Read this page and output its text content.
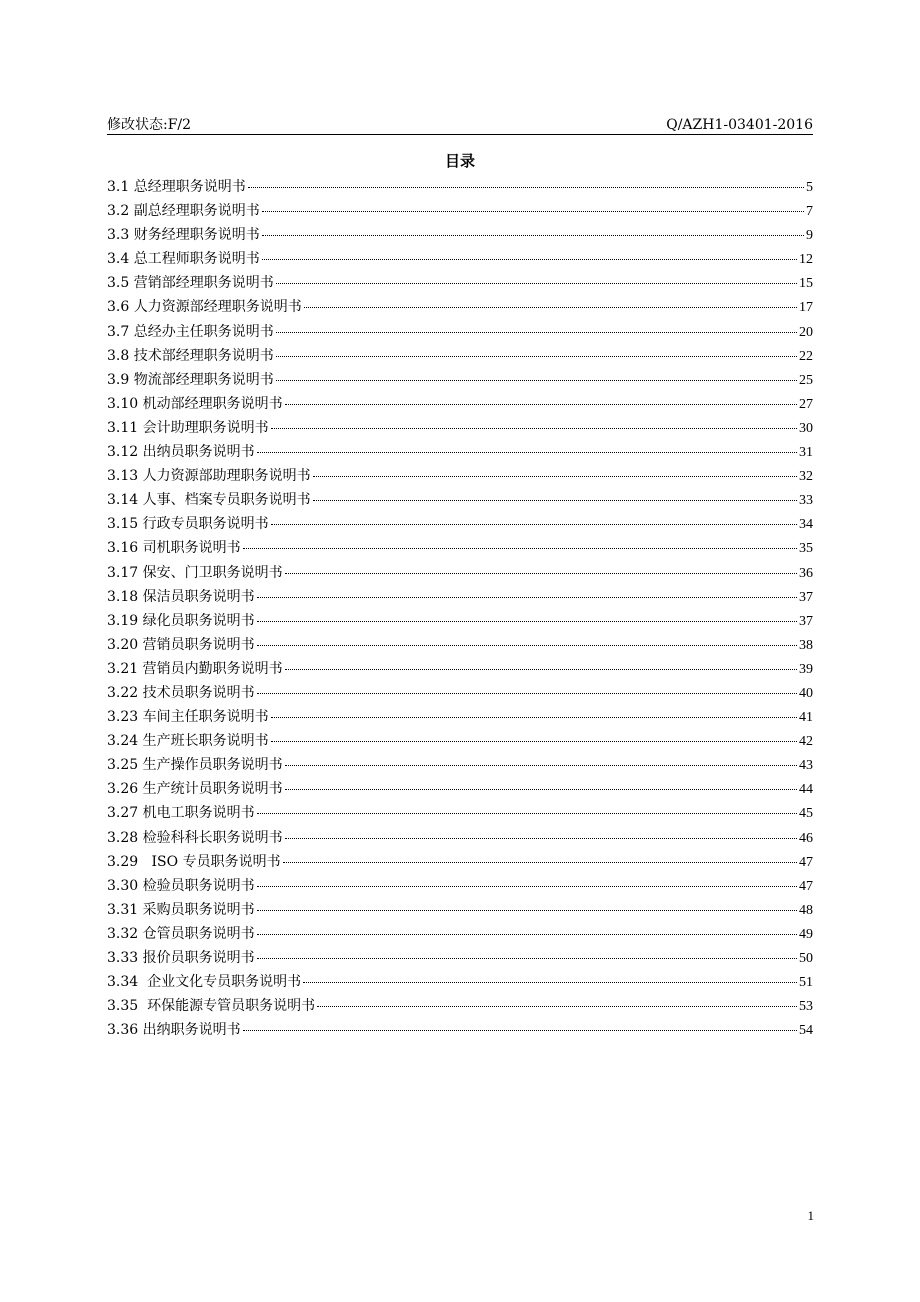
修改状态:F/2	Q/AZH1-03401-2016
目录
3.1 总经理职务说明书	5
3.2 副总经理职务说明书	7
3.3 财务经理职务说明书	9
3.4 总工程师职务说明书	12
3.5 营销部经理职务说明书	15
3.6 人力资源部经理职务说明书	17
3.7 总经办主任职务说明书	20
3.8 技术部经理职务说明书	22
3.9 物流部经理职务说明书	25
3.10 机动部经理职务说明书	27
3.11 会计助理职务说明书	30
3.12 出纳员职务说明书	31
3.13 人力资源部助理职务说明书	32
3.14 人事、档案专员职务说明书	33
3.15 行政专员职务说明书	34
3.16 司机职务说明书	35
3.17 保安、门卫职务说明书	36
3.18 保洁员职务说明书	37
3.19 绿化员职务说明书	37
3.20 营销员职务说明书	38
3.21 营销员内勤职务说明书	39
3.22 技术员职务说明书	40
3.23 车间主任职务说明书	41
3.24 生产班长职务说明书	42
3.25 生产操作员职务说明书	43
3.26 生产统计员职务说明书	44
3.27 机电工职务说明书	45
3.28 检验科科长职务说明书	46
3.29   ISO 专员职务说明书	47
3.30 检验员职务说明书	47
3.31 采购员职务说明书	48
3.32 仓管员职务说明书	49
3.33 报价员职务说明书	50
3.34  企业文化专员职务说明书	51
3.35  环保能源专管员职务说明书	53
3.36 出纳职务说明书	54
1
